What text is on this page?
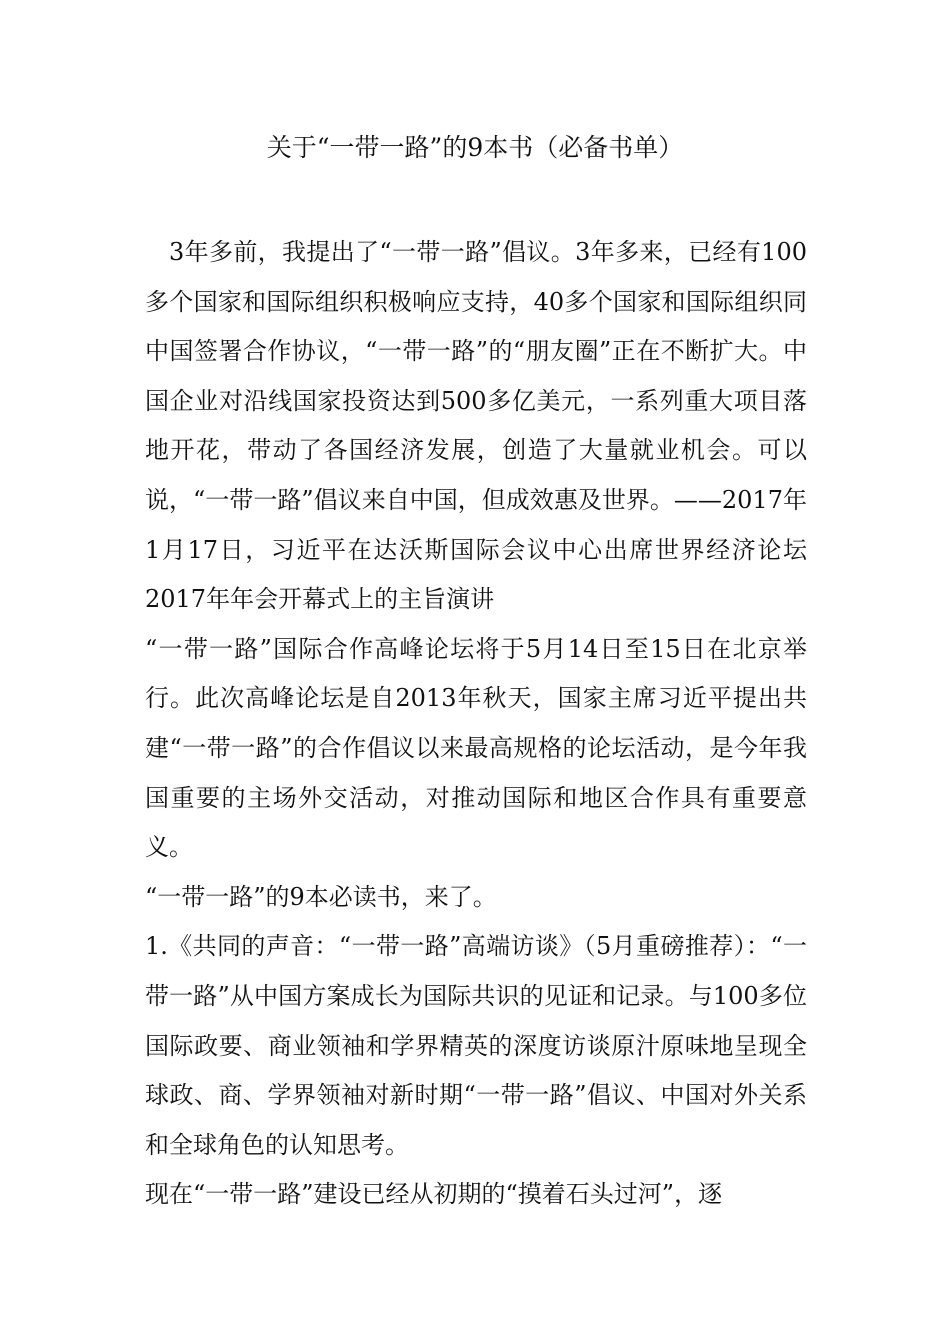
关于“一带一路”的9本书（必备书单）

3年多前，我提出了“一带一路”倡议。3年多来，已经有100多个国家和国际组织积极响应支持，40多个国家和国际组织同中国签署合作协议，“一带一路”的“朋友圈”正在不断扩大。中国企业对沿线国家投资达到500多亿美元，一系列重大项目落地开花，带动了各国经济发展，创造了大量就业机会。可以说，“一带一路”倡议来自中国，但成效惠及世界。——2017年1月17日，习近平在达沃斯国际会议中心出席世界经济论坛2017年年会开幕式上的主旨演讲

“一带一路”国际合作高峰论坛将于5月14日至15日在北京举行。此次高峰论坛是自2013年秋天，国家主席习近平提出共建“一带一路”的合作倡议以来最高规格的论坛活动，是今年我国重要的主场外交活动，对推动国际和地区合作具有重要意义。

“一带一路”的9本必读书，来了。

1.《共同的声音：“一带一路”高端访谈》（5月重磅推荐）：“一带一路”从中国方案成长为国际共识的见证和记录。与100多位国际政要、商业领袖和学界精英的深度访谈原汁原味地呈现全球政、商、学界领袖对新时期“一带一路”倡议、中国对外关系和全球角色的认知思考。

现在“一带一路”建设已经从初期的“摸着石头过河”，逐
